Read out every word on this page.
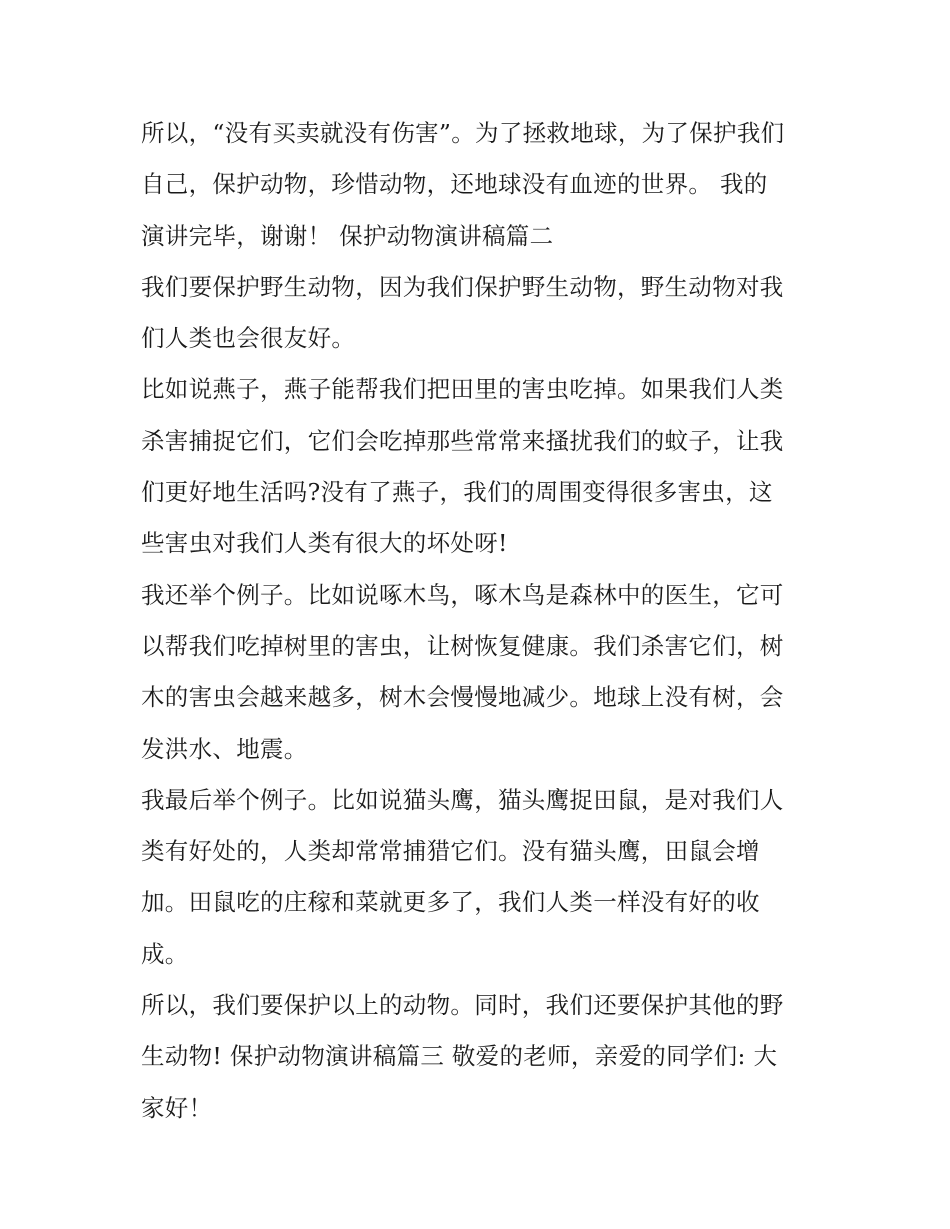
所以，“没有买卖就没有伤害”。为了拯救地球，为了保护我们
自己，保护动物，珍惜动物，还地球没有血迹的世界。 我的
演讲完毕，谢谢！ 保护动物演讲稿篇二
我们要保护野生动物，因为我们保护野生动物，野生动物对我
们人类也会很友好。
比如说燕子，燕子能帮我们把田里的害虫吃掉。如果我们人类
杀害捕捉它们，它们会吃掉那些常常来搔扰我们的蚊子，让我
们更好地生活吗?没有了燕子，我们的周围变得很多害虫，这
些害虫对我们人类有很大的坏处呀!
我还举个例子。比如说啄木鸟，啄木鸟是森林中的医生，它可
以帮我们吃掉树里的害虫，让树恢复健康。我们杀害它们，树
木的害虫会越来越多，树木会慢慢地减少。地球上没有树，会
发洪水、地震。
我最后举个例子。比如说猫头鹰，猫头鹰捉田鼠，是对我们人
类有好处的，人类却常常捕猎它们。没有猫头鹰，田鼠会增
加。田鼠吃的庄稼和菜就更多了，我们人类一样没有好的收
成。
所以，我们要保护以上的动物。同时，我们还要保护其他的野
生动物! 保护动物演讲稿篇三 敬爱的老师，亲爱的同学们: 大
家好！
